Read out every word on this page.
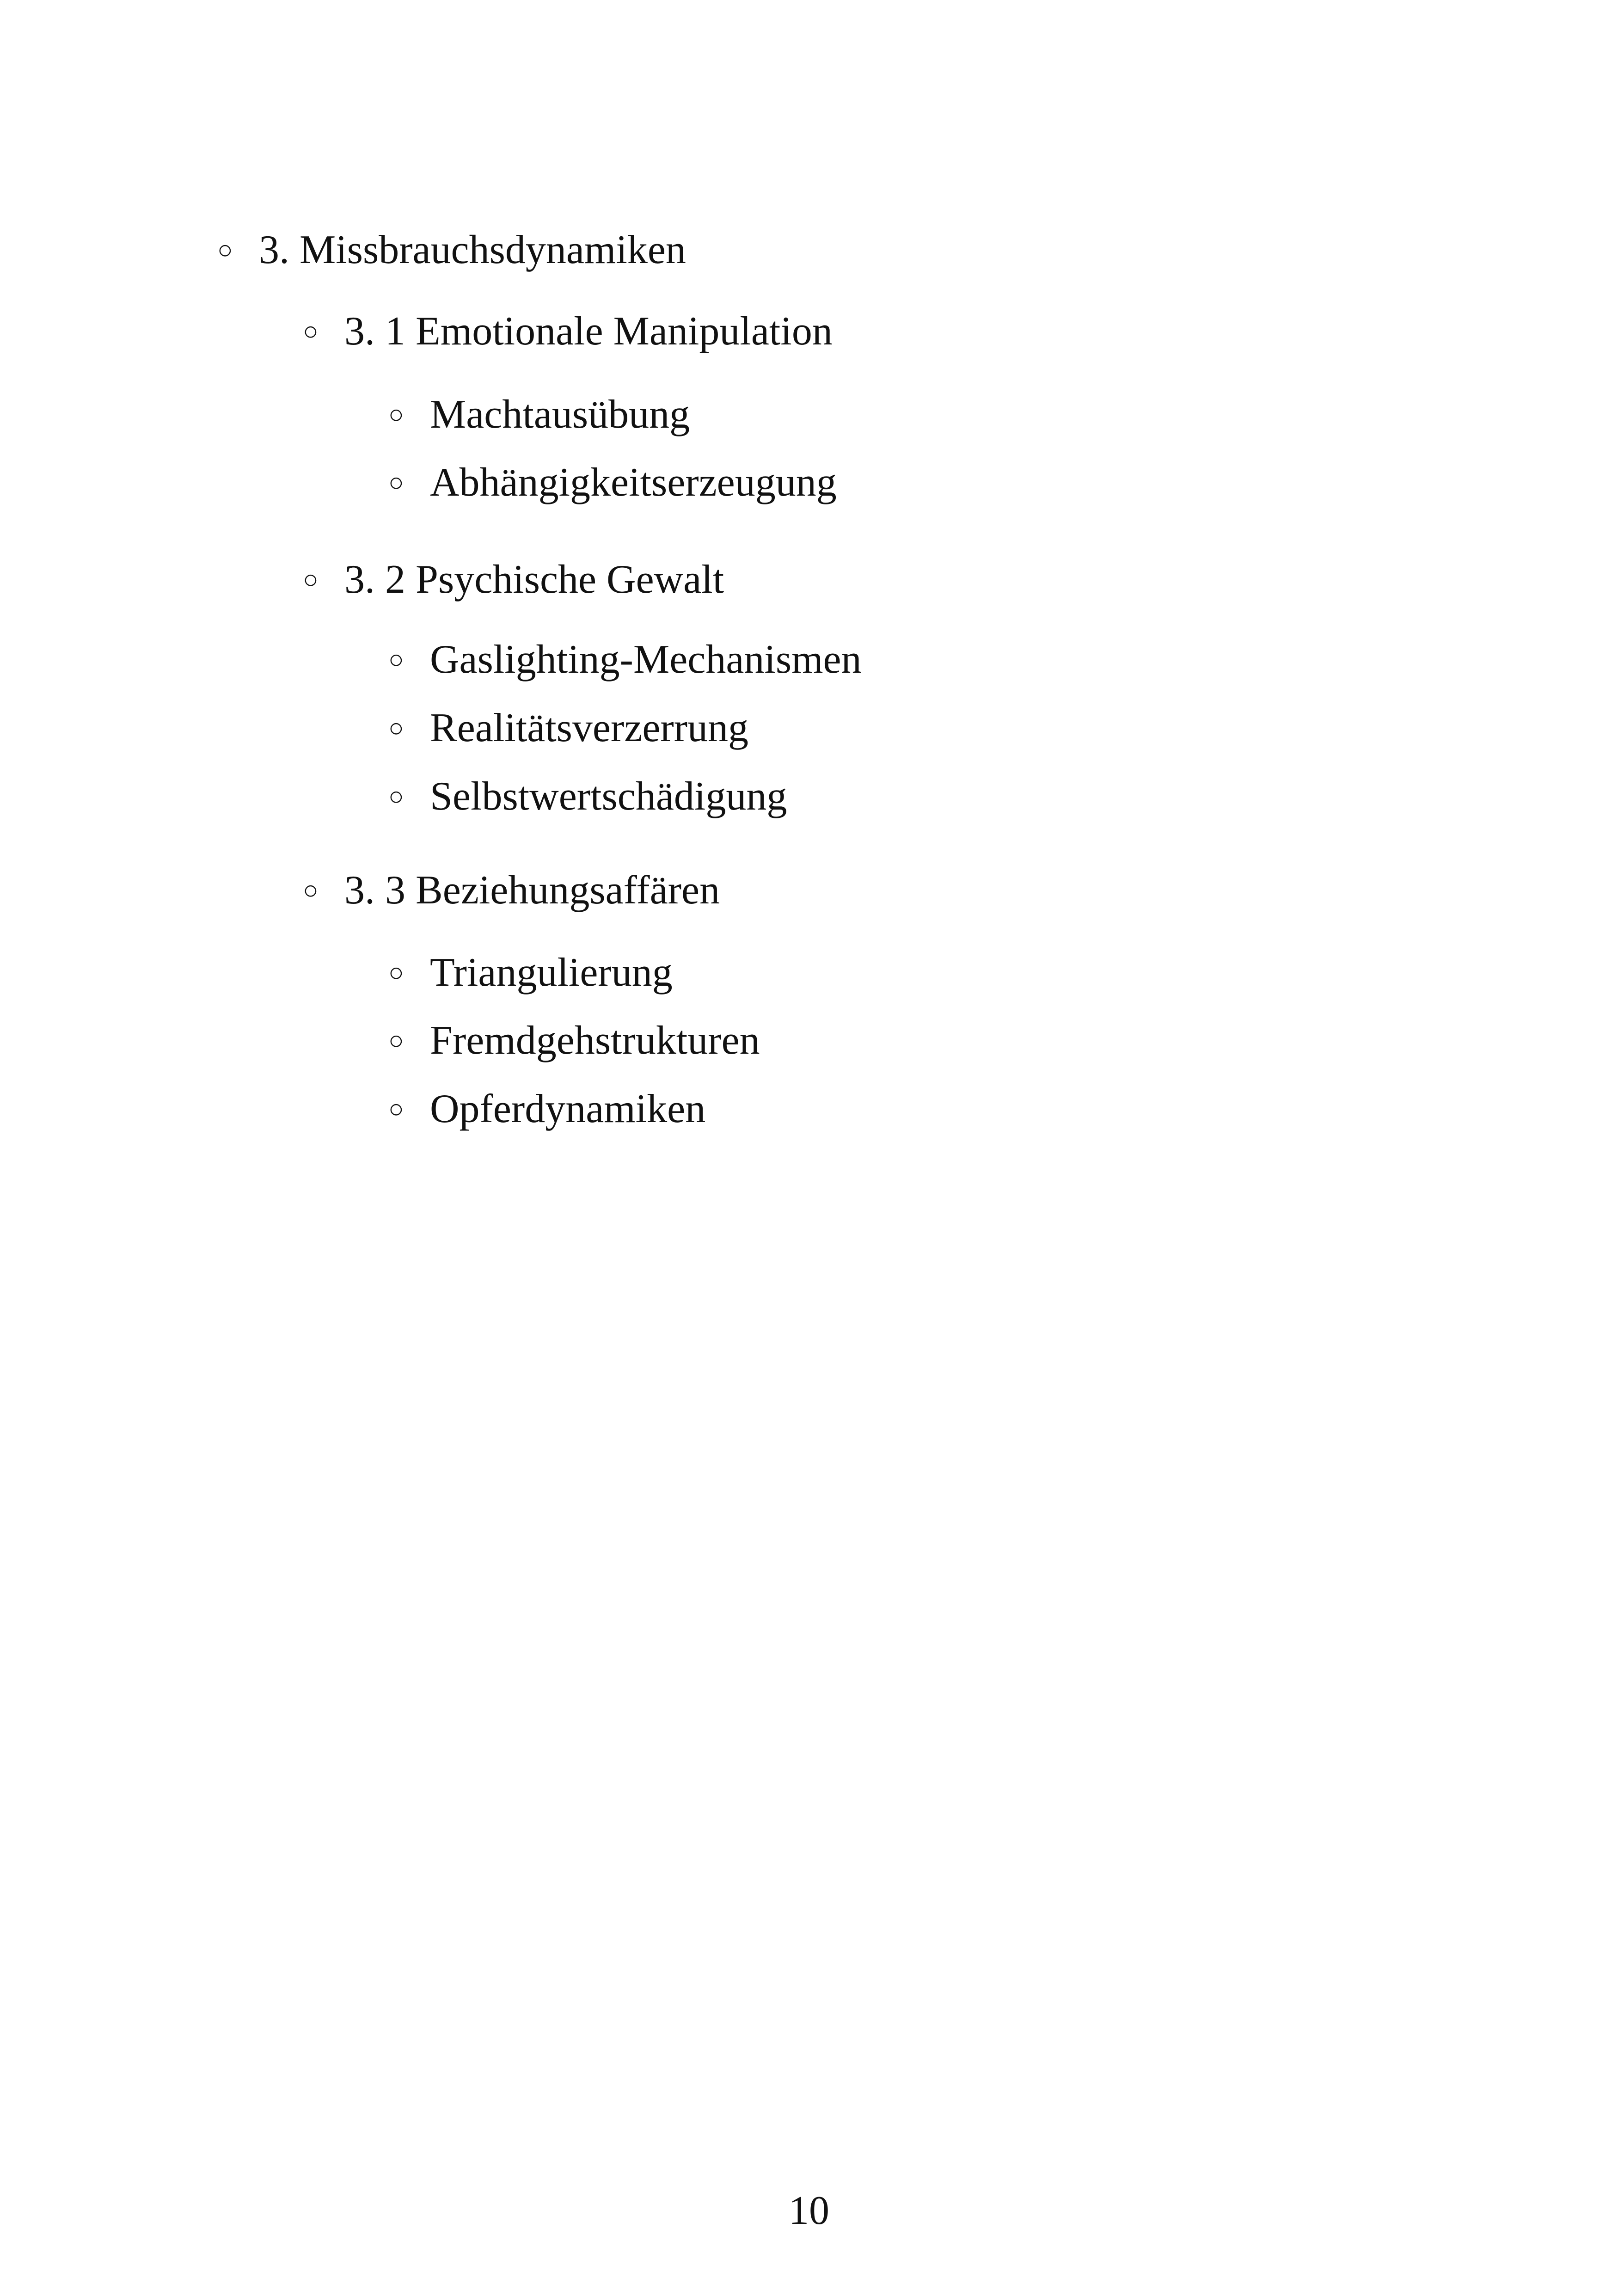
○ 3. Missbrauchsdynamiken
○ 3. 1 Emotionale Manipulation
○ Machtausübung
○ Abhängigkeitserzeugung
○ 3. 2 Psychische Gewalt
○ Gaslighting-Mechanismen
○ Realitätsverzerrung
○ Selbstwertschädigung
○ 3. 3 Beziehungsaffären
○ Triangulierung
○ Fremdgehstrukturen
○ Opferdynamiken
10
